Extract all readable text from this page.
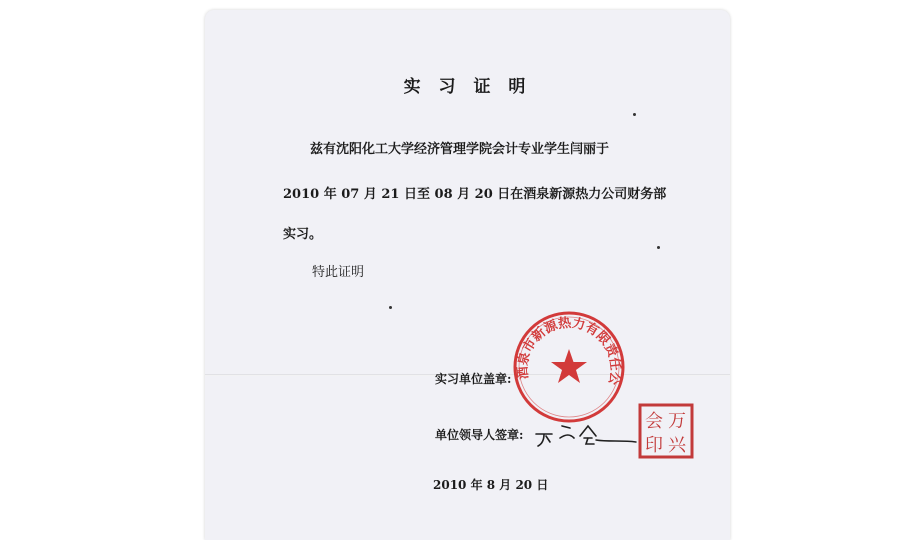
实 习 证 明
兹有沈阳化工大学经济管理学院会计专业学生闫丽于
2010 年 07 月 21 日至 08 月 20 日在酒泉新源热力公司财务部
实习。
特此证明
实习单位盖章:
单位领导人签章:
2010 年 8 月 20 日
酒泉市新源热力有限责任公
万
兴
会
印
